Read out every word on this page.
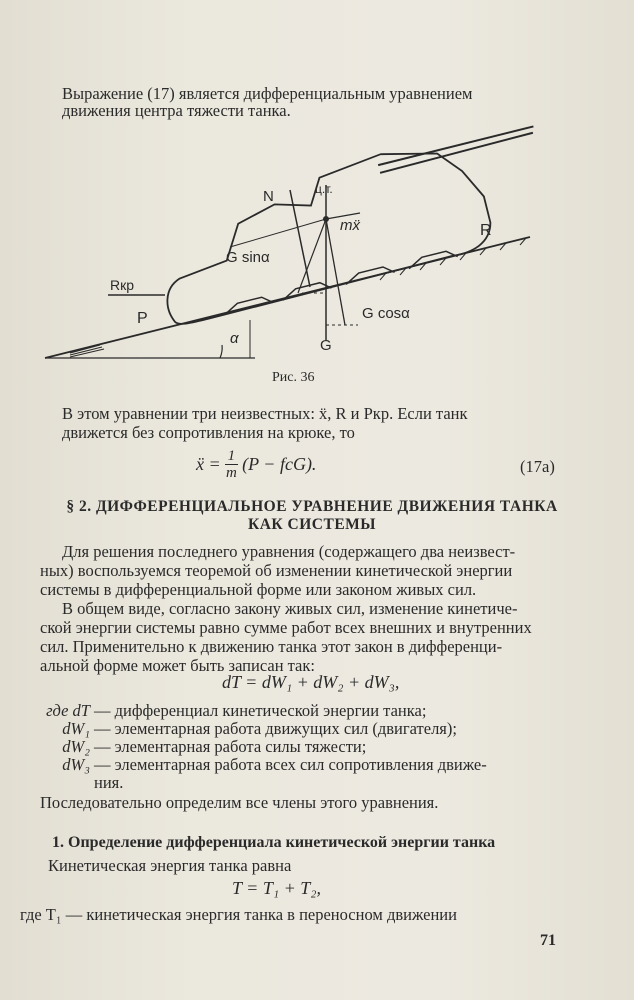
Выражение (17) является дифференциальным уравнением
движения центра тяжести танка.
N	ц.т.
mẍ
G sinα
G cosα
G
R
Rкр
P
α
Рис. 36
В этом уравнении три неизвестных: ẍ, R и Pкр. Если танк
движется без сопротивления на крюке, то
ẍ = $\frac{1}{m} (P - fcG)$.	(17а)
§ 2. ДИФФЕРЕНЦИАЛЬНОЕ УРАВНЕНИЕ ДВИЖЕНИЯ ТАНКА
КАК СИСТЕМЫ
Для решения последнего уравнения (содержащего два неизвест-
ных) воспользуемся теоремой об изменении кинетической энергии
системы в дифференциальной форме или законом живых сил.
В общем виде, согласно закону живых сил, изменение кинетиче-
ской энергии системы равно сумме работ всех внешних и внутренних
сил. Применительно к движению танка этот закон в дифференци-
альной форме может быть записан так:
dT = dW₁ + dW₂ + dW₃,
где dT — дифференциал кинетической энергии танка;
dW₁ — элементарная работа движущих сил (двигателя);
dW₂ — элементарная работа силы тяжести;
dW₃ — элементарная работа всех сил сопротивления движе-
ния.
Последовательно определим все члены этого уравнения.
1. Определение дифференциала кинетической энергии танка
Кинетическая энергия танка равна
T = T₁ + T₂,
где T₁ — кинетическая энергия танка в переносном движении
71
